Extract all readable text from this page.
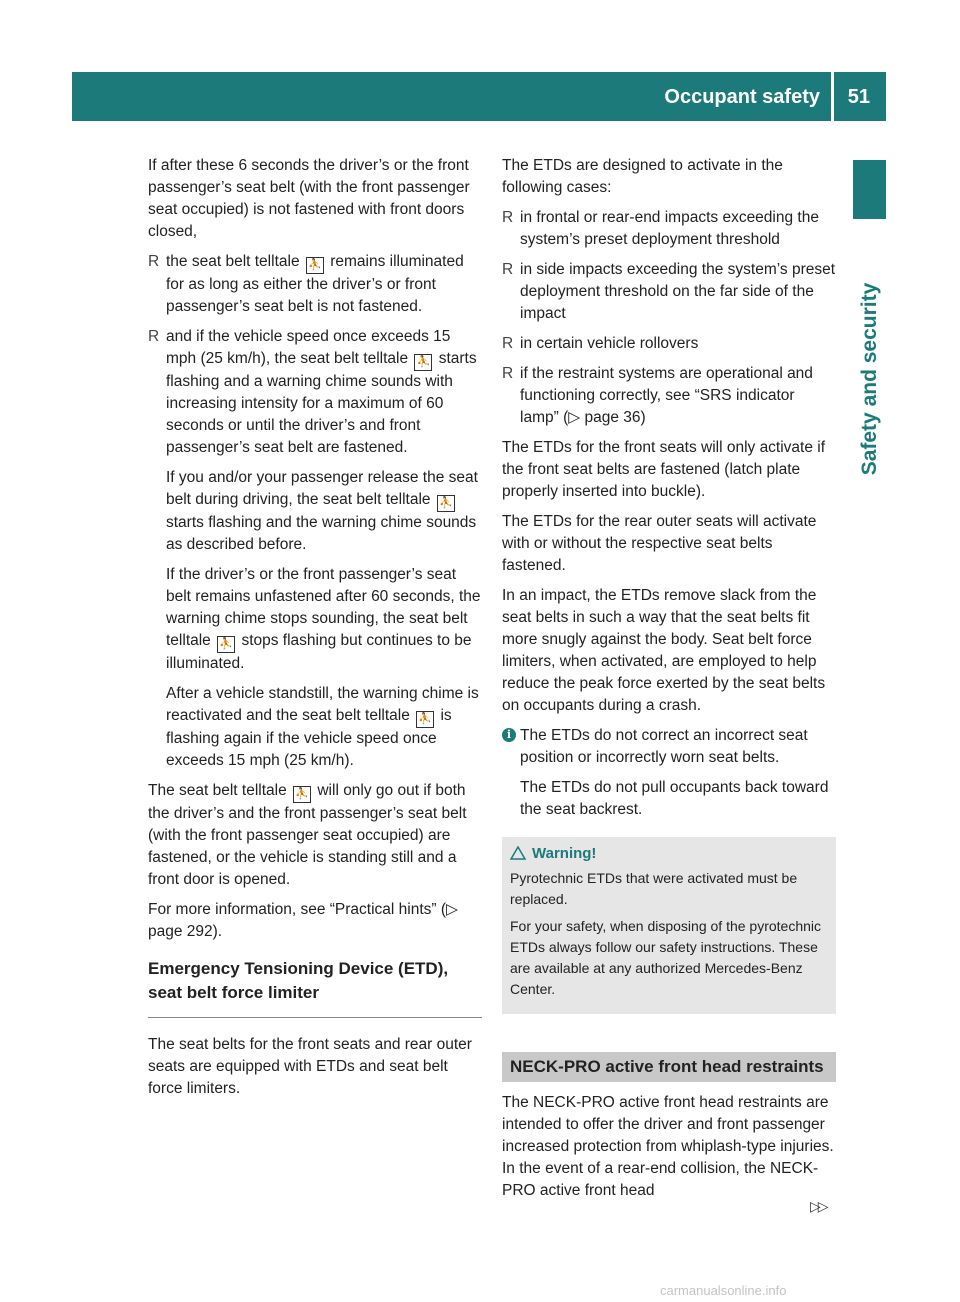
Occupant safety 51
Safety and security

If after these 6 seconds the driver’s or the front passenger’s seat belt (with the front passenger seat occupied) is not fastened with front doors closed,

R the seat belt telltale ⛹ remains illuminated for as long as either the driver’s or front passenger’s seat belt is not fastened.
R and if the vehicle speed once exceeds 15 mph (25 km/h), the seat belt telltale ⛹ starts flashing and a warning chime sounds with increasing intensity for a maximum of 60 seconds or until the driver’s and front passenger’s seat belt are fastened.

If you and/or your passenger release the seat belt during driving, the seat belt telltale ⛹ starts flashing and the warning chime sounds as described before.

If the driver’s or the front passenger’s seat belt remains unfastened after 60 seconds, the warning chime stops sounding, the seat belt telltale ⛹ stops flashing but continues to be illuminated.

After a vehicle standstill, the warning chime is reactivated and the seat belt telltale ⛹ is flashing again if the vehicle speed once exceeds 15 mph (25 km/h).

The seat belt telltale ⛹ will only go out if both the driver’s and the front passenger’s seat belt (with the front passenger seat occupied) are fastened, or the vehicle is standing still and a front door is opened.

For more information, see “Practical hints” (▷ page 292).

Emergency Tensioning Device (ETD), seat belt force limiter

The seat belts for the front seats and rear outer seats are equipped with ETDs and seat belt force limiters.

The ETDs are designed to activate in the following cases:

R in frontal or rear-end impacts exceeding the system’s preset deployment threshold
R in side impacts exceeding the system’s preset deployment threshold on the far side of the impact
R in certain vehicle rollovers
R if the restraint systems are operational and functioning correctly, see “SRS indicator lamp” (▷ page 36)

The ETDs for the front seats will only activate if the front seat belts are fastened (latch plate properly inserted into buckle).

The ETDs for the rear outer seats will activate with or without the respective seat belts fastened.

In an impact, the ETDs remove slack from the seat belts in such a way that the seat belts fit more snugly against the body. Seat belt force limiters, when activated, are employed to help reduce the peak force exerted by the seat belts on occupants during a crash.

i The ETDs do not correct an incorrect seat position or incorrectly worn seat belts.

The ETDs do not pull occupants back toward the seat backrest.

Warning!

Pyrotechnic ETDs that were activated must be replaced.

For your safety, when disposing of the pyrotechnic ETDs always follow our safety instructions. These are available at any authorized Mercedes-Benz Center.

NECK-PRO active front head restraints

The NECK-PRO active front head restraints are intended to offer the driver and front passenger increased protection from whiplash-type injuries. In the event of a rear-end collision, the NECK-PRO active front head

▷▷
carmanualsonline.info
